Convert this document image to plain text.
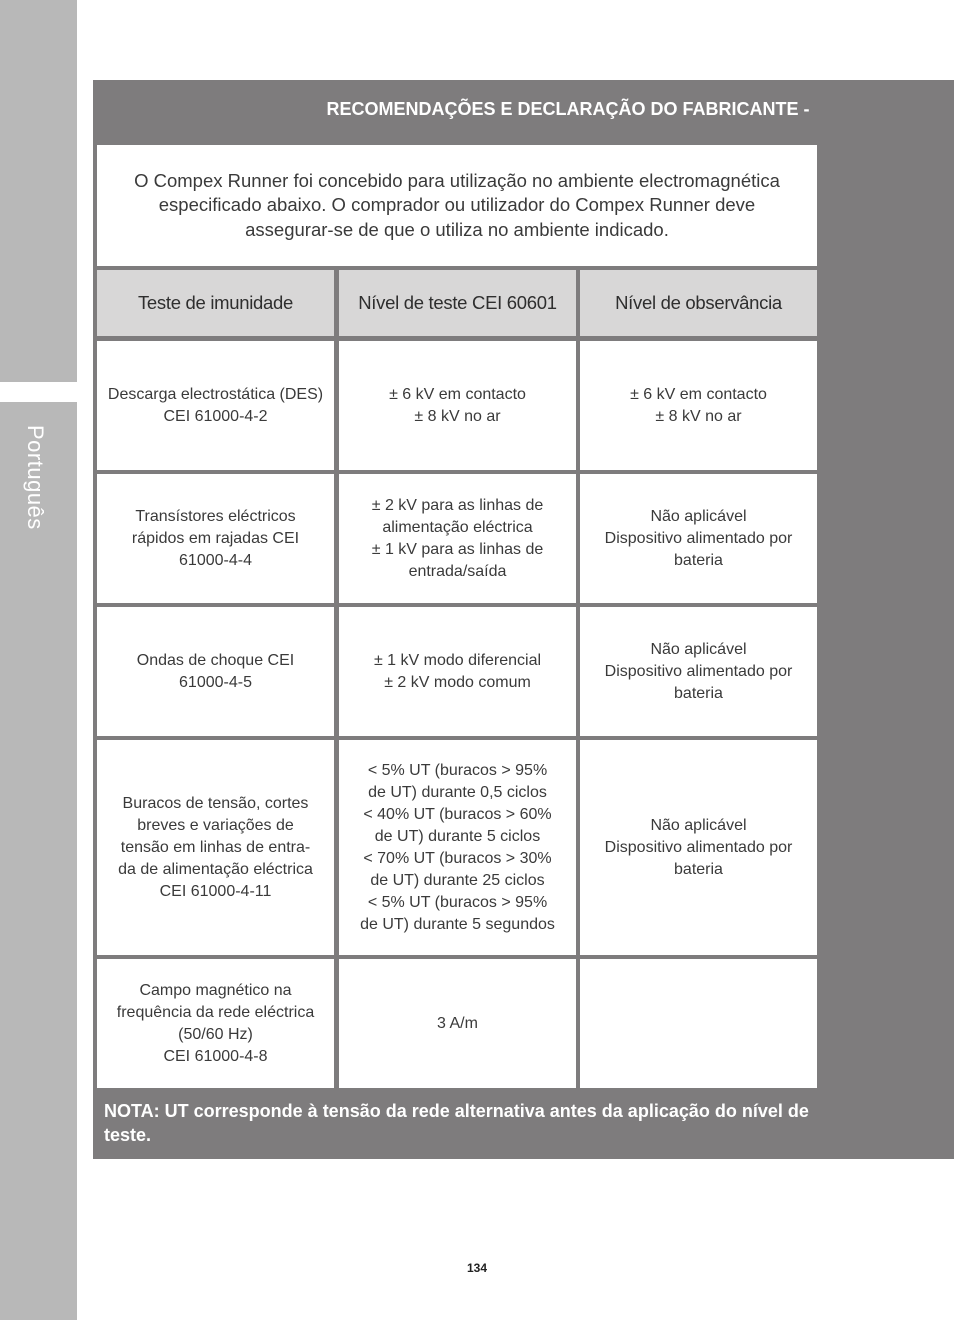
Português
RECOMENDAÇÕES E DECLARAÇÃO DO FABRICANTE -
O Compex Runner foi concebido para utilização no ambiente electromagnética especificado abaixo. O comprador ou utilizador do Compex Runner deve assegurar-se de que o utiliza no ambiente indicado.
Teste de imunidade	Nível de teste CEI 60601	Nível de observância
Descarga electrostática (DES)
CEI 61000-4-2
± 6 kV em contacto
± 8 kV no ar
± 6 kV em contacto
± 8 kV no ar
Transístores eléctricos
rápidos em rajadas CEI
61000-4-4
± 2 kV para as linhas de
alimentação eléctrica
± 1 kV para as linhas de
entrada/saída
Não aplicável
Dispositivo alimentado por
bateria
Ondas de choque CEI
61000-4-5
± 1 kV modo diferencial
± 2 kV modo comum
Não aplicável
Dispositivo alimentado por
bateria
Buracos de tensão, cortes
breves e variações de
tensão em linhas de entra-
da de alimentação eléctrica
CEI 61000-4-11
< 5% UT (buracos > 95%
de UT) durante 0,5 ciclos
< 40% UT (buracos > 60%
de UT) durante 5 ciclos
< 70% UT (buracos > 30%
de UT) durante 25 ciclos
< 5% UT (buracos > 95%
de UT) durante 5 segundos
Não aplicável
Dispositivo alimentado por
bateria
Campo magnético na
frequência da rede eléctrica
(50/60 Hz)
CEI 61000-4-8
3 A/m
NOTA: UT corresponde à tensão da rede alternativa antes da aplicação do nível de teste.
134
